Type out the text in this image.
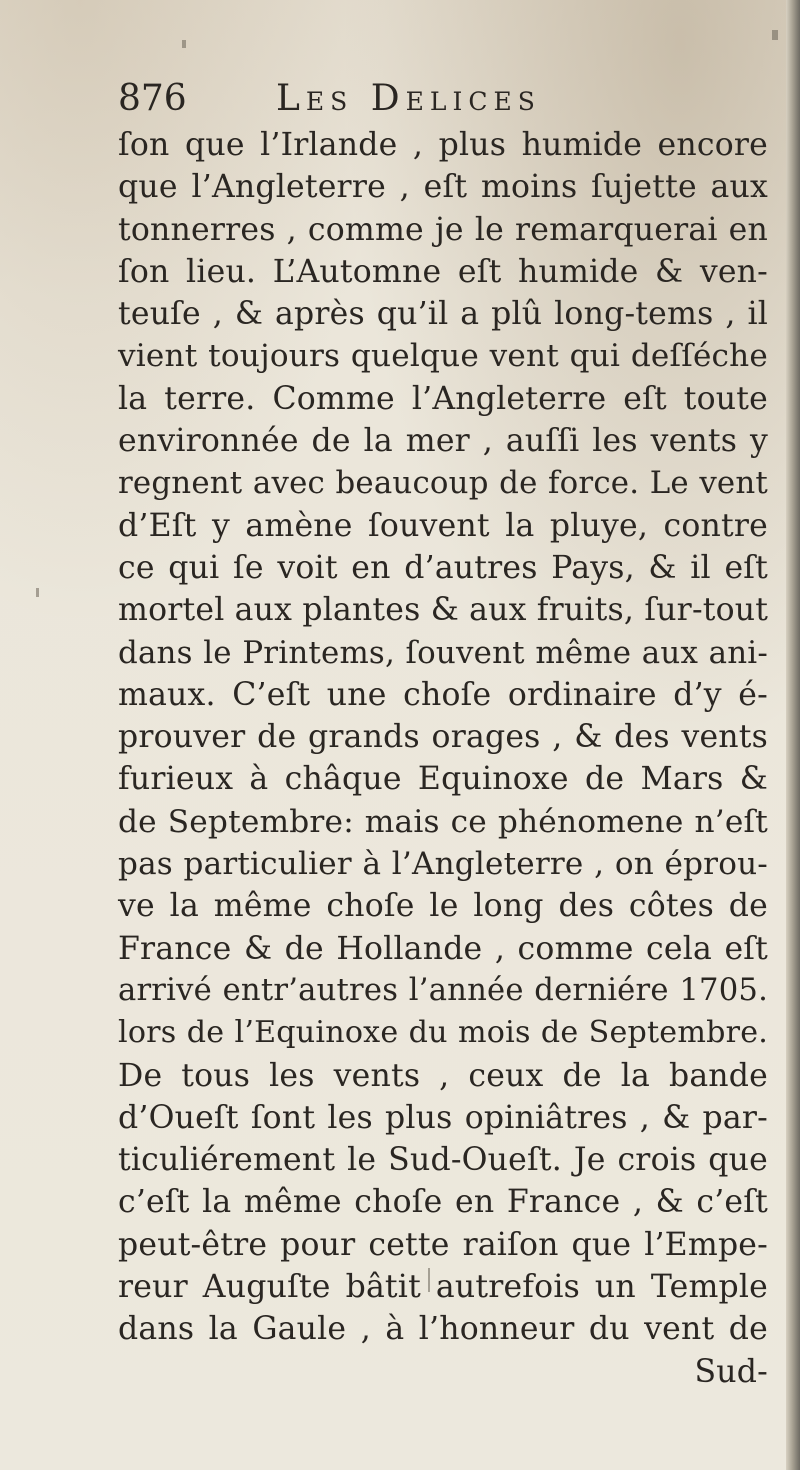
876 Les Delices
ſon que l’Irlande , plus humide encore
que l’Angleterre , eſt moins ſujette aux
tonnerres , comme je le remarquerai en
ſon lieu. L’Automne eſt humide & ven-
teuſe , & après qu’il a plû long-tems , il
vient toujours quelque vent qui deſſéche
la terre. Comme l’Angleterre eſt toute
environnée de la mer , auſſi les vents y
regnent avec beaucoup de force. Le vent
d’Eſt y amène ſouvent la pluye, contre
ce qui ſe voit en d’autres Pays, & il eſt
mortel aux plantes & aux fruits, ſur-tout
dans le Printems, ſouvent même aux ani-
maux. C’eſt une choſe ordinaire d’y é-
prouver de grands orages , & des vents
furieux à châque Equinoxe de Mars &
de Septembre: mais ce phénomene n’eſt
pas particulier à l’Angleterre , on éprou-
ve la même choſe le long des côtes de
France & de Hollande , comme cela eſt
arrivé entr’autres l’année derniére 1705.
lors de l’Equinoxe du mois de Septembre.
De tous les vents , ceux de la bande
d’Oueſt ſont les plus opiniâtres , & par-
ticuliérement le Sud-Oueſt. Je crois que
c’eſt la même choſe en France , & c’eſt
peut-être pour cette raiſon que l’Empe-
reur Auguſte bâtit autrefois un Temple
dans la Gaule , à l’honneur du vent de
Sud-
